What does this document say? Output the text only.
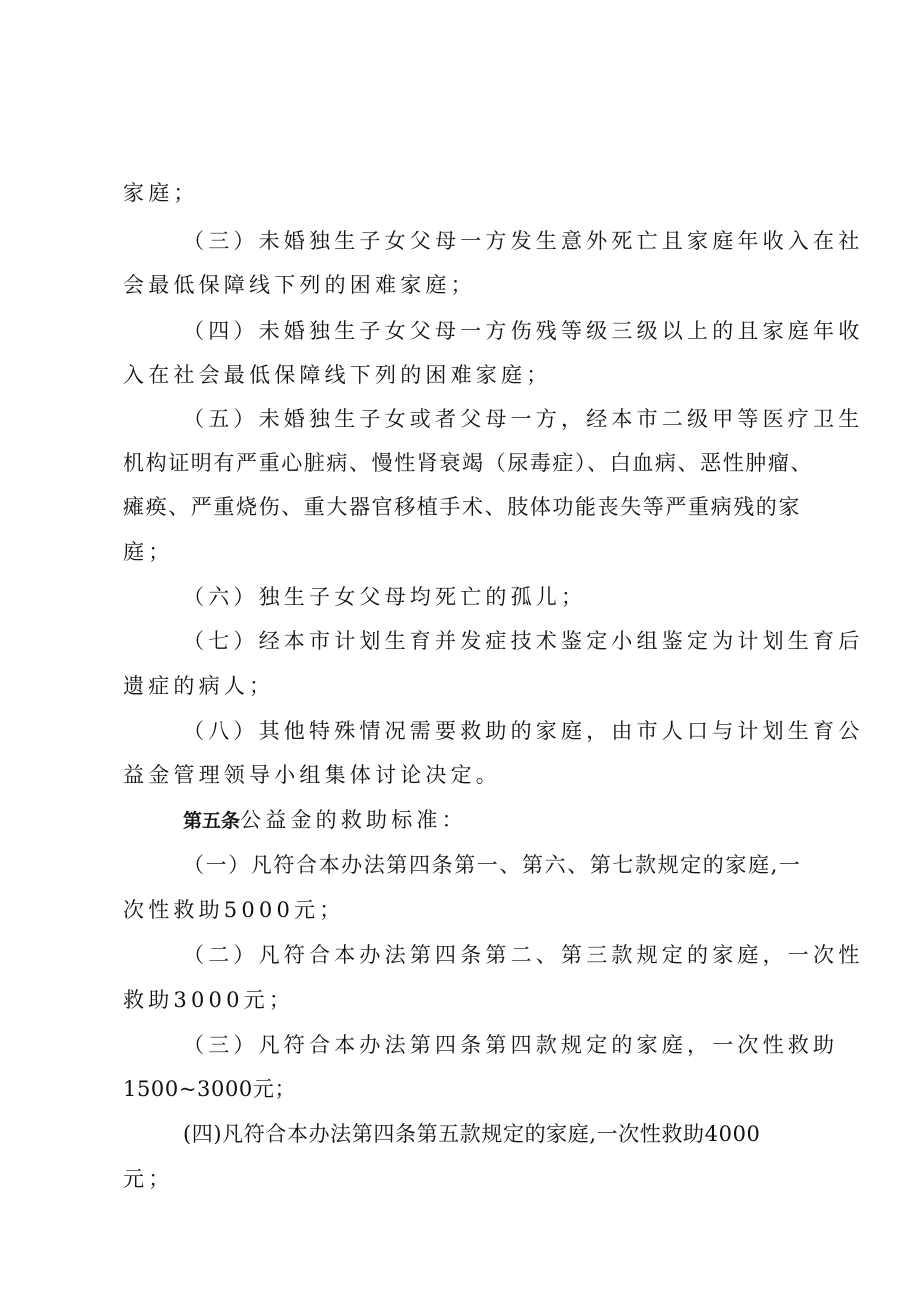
家庭；
（三）未婚独生子女父母一方发生意外死亡且家庭年收入在社
会最低保障线下列的困难家庭；
（四）未婚独生子女父母一方伤残等级三级以上的且家庭年收
入在社会最低保障线下列的困难家庭；
（五）未婚独生子女或者父母一方，经本市二级甲等医疗卫生
机构证明有严重心脏病、慢性肾衰竭（尿毒症）、白血病、恶性肿瘤、
瘫痪、严重烧伤、重大器官移植手术、肢体功能丧失等严重病残的家
庭；
（六）独生子女父母均死亡的孤儿；
（七）经本市计划生育并发症技术鉴定小组鉴定为计划生育后
遗症的病人；
（八）其他特殊情况需要救助的家庭，由市人口与计划生育公
益金管理领导小组集体讨论决定。
第五条公益金的救助标准：
（一）凡符合本办法第四条第一、第六、第七款规定的家庭,一
次性救助5000元；
（二）凡符合本办法第四条第二、第三款规定的家庭，一次性
救助3000元；
（三）凡符合本办法第四条第四款规定的家庭，一次性救助
1500~3000元；
(四)凡符合本办法第四条第五款规定的家庭,一次性救助4000
元；
